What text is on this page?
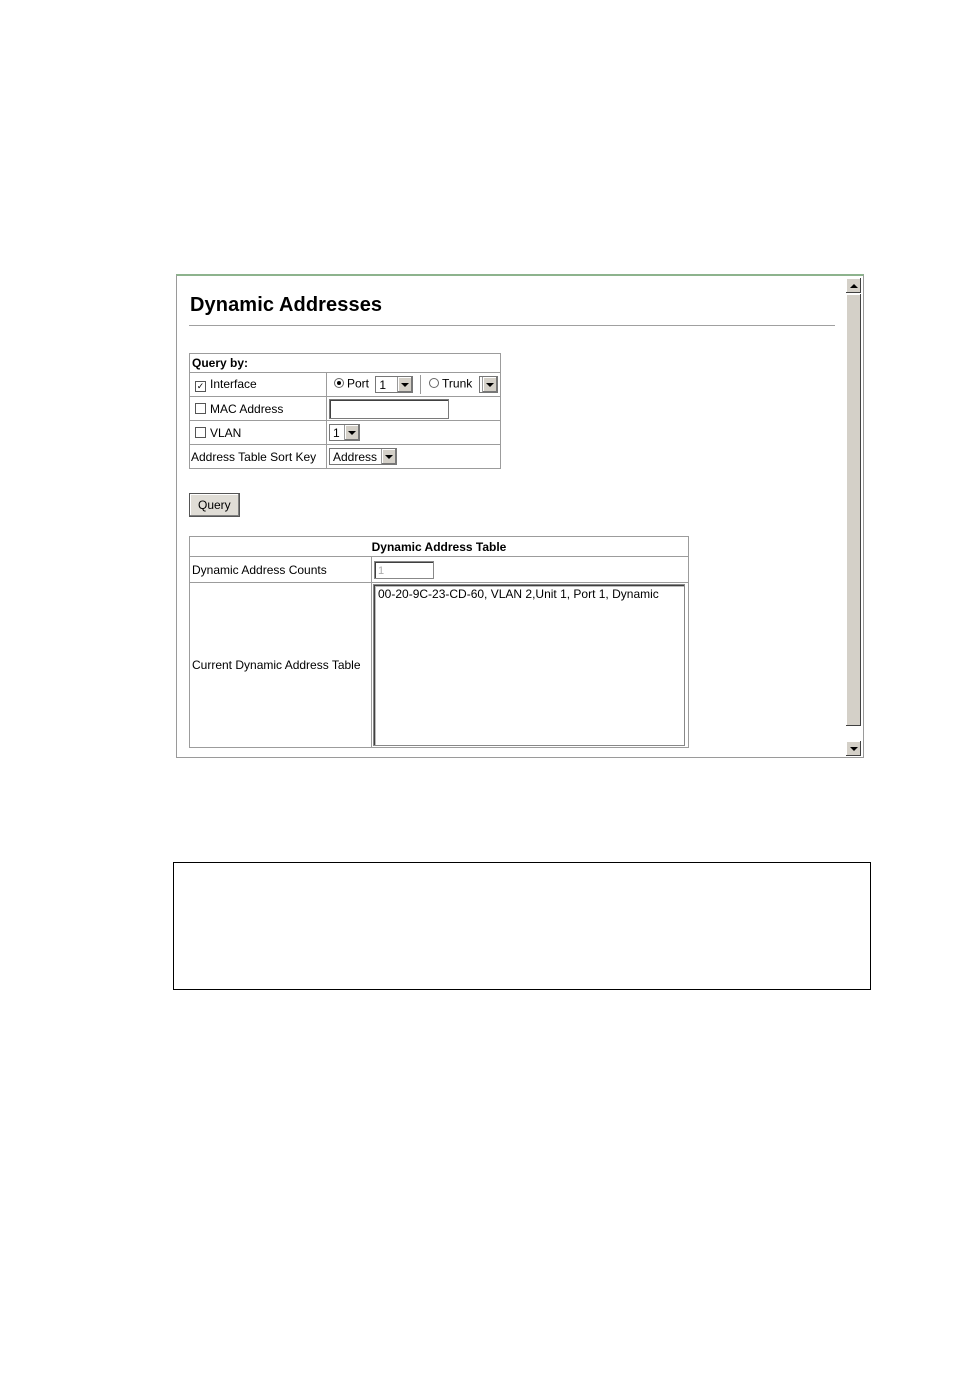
Dynamic Addresses
Query by:	
✓ Interface	Port 1 Trunk

MAC Address	
VLAN	1

Address Table Sort Key	Address
Query
Dynamic Address Table	
Dynamic Address Counts	1
Current Dynamic Address Table	00-20-9C-23-CD-60, VLAN 2,Unit 1, Port 1, Dynamic
